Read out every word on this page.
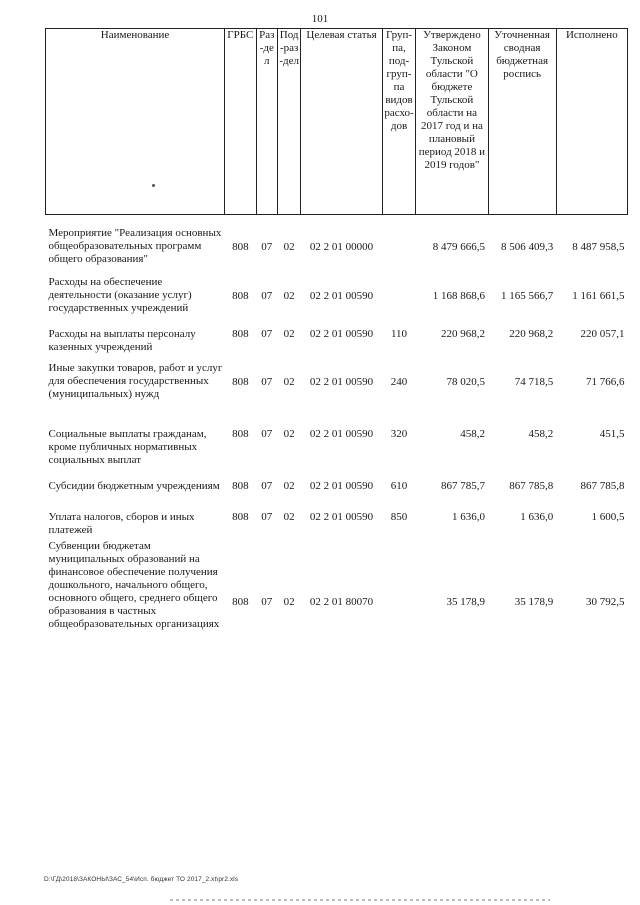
101
Наименование	ГРБС	Раз-дел	Под-раз-дел	Целевая статья	Груп-па, под-груп-па видов расхо-дов	Утверждено Законом Тульской области "О бюджете Тульской области на 2017 год и на плановый период 2018 и 2019 годов"	Уточненная сводная бюджетная роспись	Исполнено

Мероприятие "Реализация основных общеобразовательных программ общего образования"	808	07	02	02 2 01 00000		8 479 666,5	8 506 409,3	8 487 958,5

Расходы на обеспечение деятельности (оказание услуг) государственных учреждений	808	07	02	02 2 01 00590		1 168 868,6	1 165 566,7	1 161 661,5

Расходы на выплаты персоналу казенных учреждений	808	07	02	02 2 01 00590	110	220 968,2	220 968,2	220 057,1

Иные закупки товаров, работ и услуг для обеспечения государственных (муниципальных) нужд	808	07	02	02 2 01 00590	240	78 020,5	74 718,5	71 766,6

Социальные выплаты гражданам, кроме публичных нормативных социальных выплат	808	07	02	02 2 01 00590	320	458,2	458,2	451,5

Субсидии бюджетным учреждениям	808	07	02	02 2 01 00590	610	867 785,7	867 785,8	867 785,8

Уплата налогов, сборов и иных платежей	808	07	02	02 2 01 00590	850	1 636,0	1 636,0	1 600,5

Субвенции бюджетам муниципальных образований на финансовое обеспечение получения дошкольного, начального общего, основного общего, среднего общего образования в частных общеобразовательных организациях	808	07	02	02 2 01 80070		35 178,9	35 178,9	30 792,5
D:\ГД\2018\ЗАКОНЫ\ЗАС_54\Исп. бюджет ТО 2017_2.xt\pr2.xls
